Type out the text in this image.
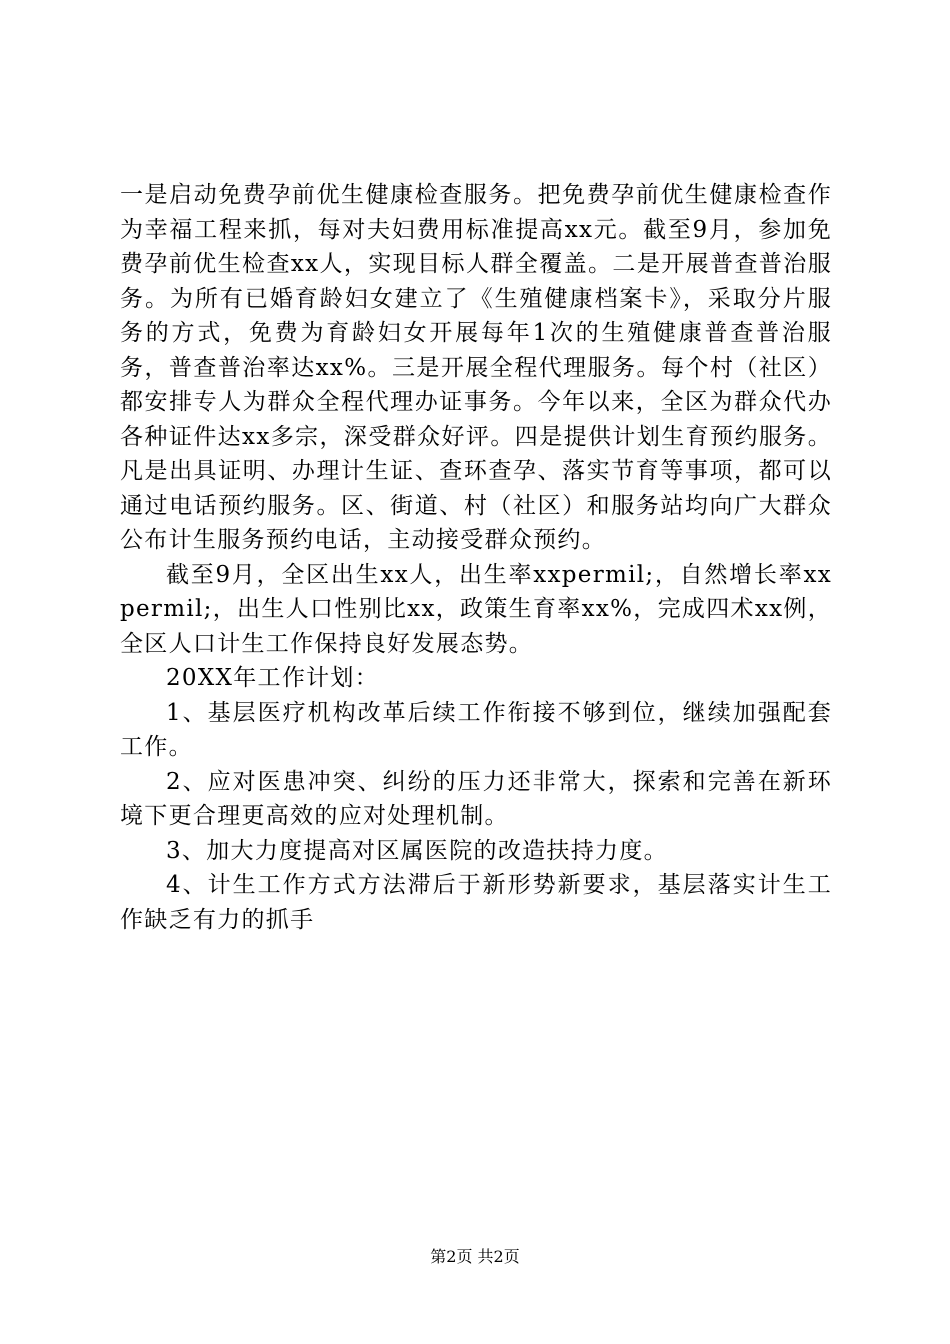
一是启动免费孕前优生健康检查服务。把免费孕前优生健康检查作为幸福工程来抓，每对夫妇费用标准提高xx元。截至9月，参加免费孕前优生检查xx人，实现目标人群全覆盖。二是开展普查普治服务。为所有已婚育龄妇女建立了《生殖健康档案卡》，采取分片服务的方式，免费为育龄妇女开展每年1次的生殖健康普查普治服务，普查普治率达xx%。三是开展全程代理服务。每个村（社区）都安排专人为群众全程代理办证事务。今年以来，全区为群众代办各种证件达xx多宗，深受群众好评。四是提供计划生育预约服务。凡是出具证明、办理计生证、查环查孕、落实节育等事项，都可以通过电话预约服务。区、街道、村（社区）和服务站均向广大群众公布计生服务预约电话，主动接受群众预约。

截至9月，全区出生xx人，出生率xxpermil;，自然增长率xxpermil;，出生人口性别比xx，政策生育率xx%，完成四术xx例，全区人口计生工作保持良好发展态势。

20XX年工作计划：

1、基层医疗机构改革后续工作衔接不够到位，继续加强配套工作。

2、应对医患冲突、纠纷的压力还非常大，探索和完善在新环境下更合理更高效的应对处理机制。

3、加大力度提高对区属医院的改造扶持力度。

4、计生工作方式方法滞后于新形势新要求，基层落实计生工作缺乏有力的抓手

第2页 共2页
